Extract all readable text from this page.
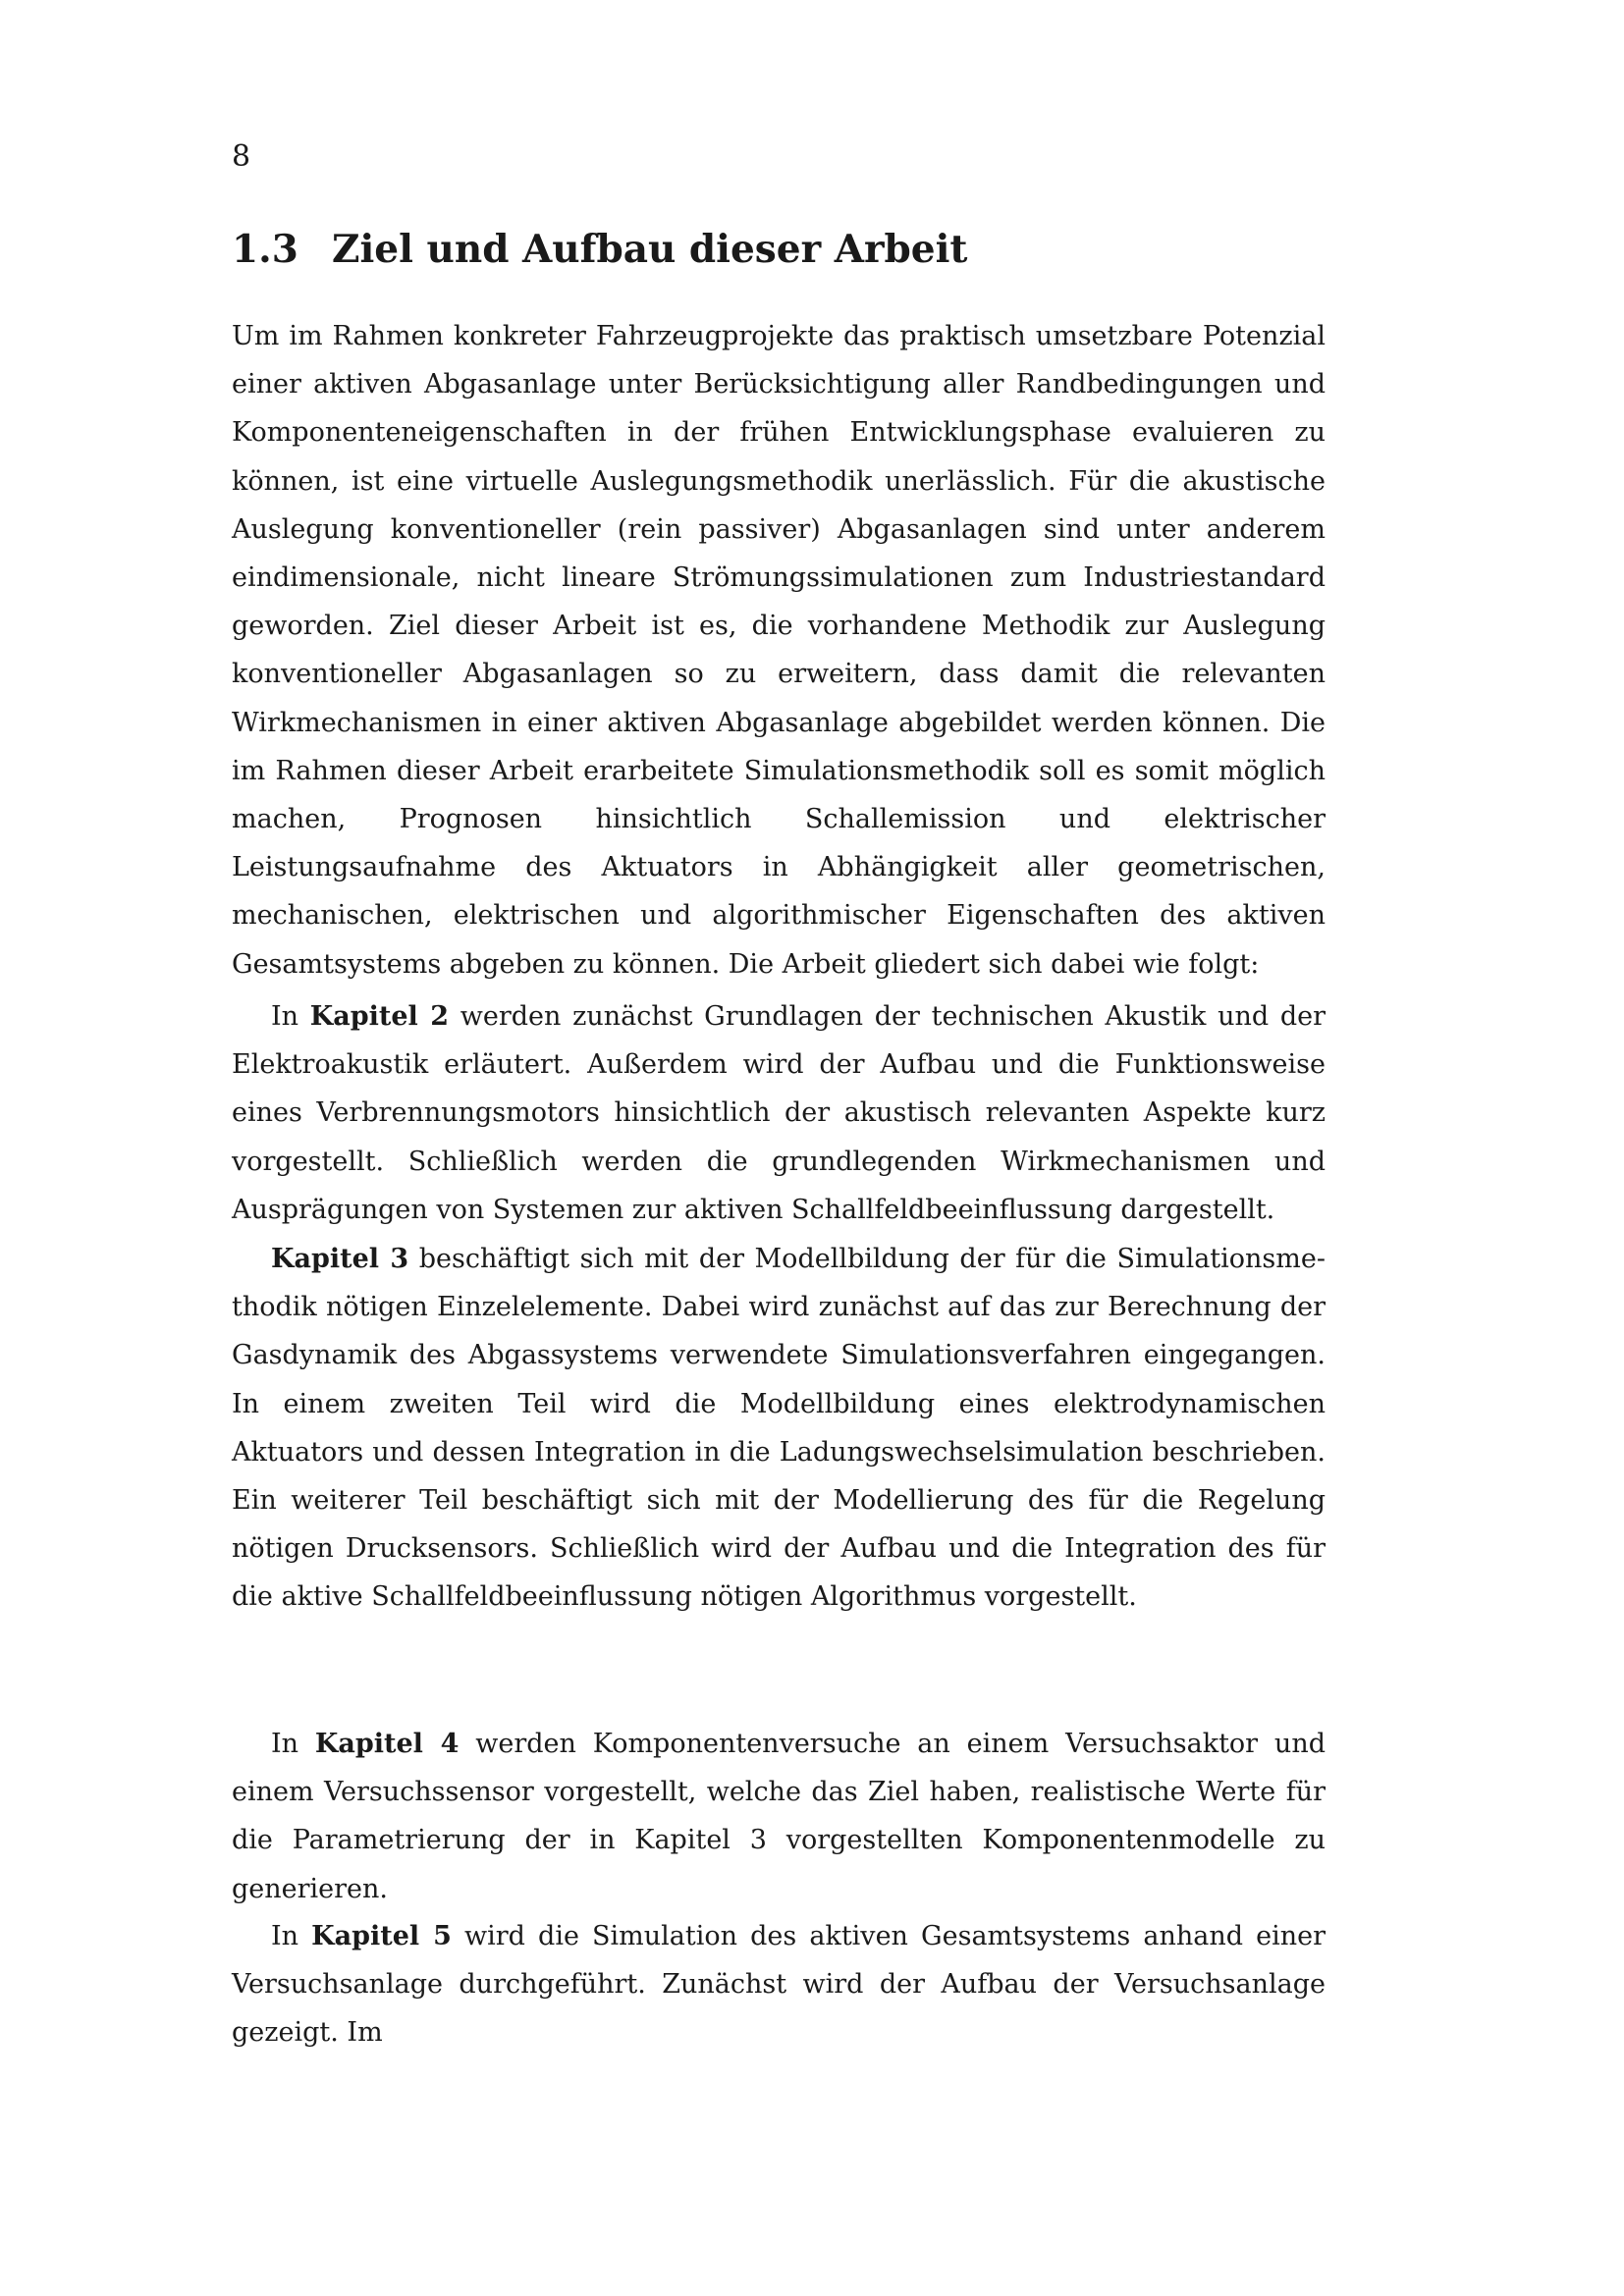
8
1.3 Ziel und Aufbau dieser Arbeit

Um im Rahmen konkreter Fahrzeugprojekte das praktisch umsetzbare Potenzial einer aktiven Abgasanlage unter Berücksichtigung aller Randbedingungen und Komponenteneigenschaften in der frühen Entwicklungsphase evaluieren zu können, ist eine virtuelle Auslegungsmethodik unerlässlich. Für die akustische Auslegung konventioneller (rein passiver) Abgasanlagen sind unter anderem eindimensionale, nicht lineare Strömungssimulationen zum Industriestandard geworden. Ziel dieser Arbeit ist es, die vorhandene Methodik zur Auslegung konventioneller Abgasanlagen so zu erweitern, dass damit die relevanten Wirkmechanismen in einer aktiven Abgasanlage abgebildet werden können. Die im Rahmen dieser Arbeit erarbeitete Simulationsmethodik soll es somit möglich machen, Prognosen hinsichtlich Schallemission und elektrischer Leistungsaufnahme des Aktuators in Abhängigkeit aller geometrischen, mechanischen, elektrischen und algorithmischer Eigenschaften des aktiven Gesamtsystems abgeben zu können. Die Arbeit gliedert sich dabei wie folgt:

In Kapitel 2 werden zunächst Grundlagen der technischen Akustik und der Elektroakustik erläutert. Außerdem wird der Aufbau und die Funktionsweise eines Verbrennungsmotors hinsichtlich der akustisch relevanten Aspekte kurz vorgestellt. Schließlich werden die grundlegenden Wirkmechanismen und Ausprägungen von Systemen zur aktiven Schallfeldbeeinflussung dargestellt.

Kapitel 3 beschäftigt sich mit der Modellbildung der für die Simulationsmethodik nötigen Einzelelemente. Dabei wird zunächst auf das zur Berechnung der Gasdynamik des Abgassystems verwendete Simulationsverfahren eingegangen. In einem zweiten Teil wird die Modellbildung eines elektrodynamischen Aktuators und dessen Integration in die Ladungswechselsimulation beschrieben. Ein weiterer Teil beschäftigt sich mit der Modellierung des für die Regelung nötigen Drucksensors. Schließlich wird der Aufbau und die Integration des für die aktive Schallfeldbeeinflussung nötigen Algorithmus vorgestellt.

In Kapitel 4 werden Komponentenversuche an einem Versuchsaktor und einem Versuchssensor vorgestellt, welche das Ziel haben, realistische Werte für die Parametrierung der in Kapitel 3 vorgestellten Komponentenmodelle zu generieren.

In Kapitel 5 wird die Simulation des aktiven Gesamtsystems anhand einer Versuchsanlage durchgeführt. Zunächst wird der Aufbau der Versuchsanlage gezeigt. Im
